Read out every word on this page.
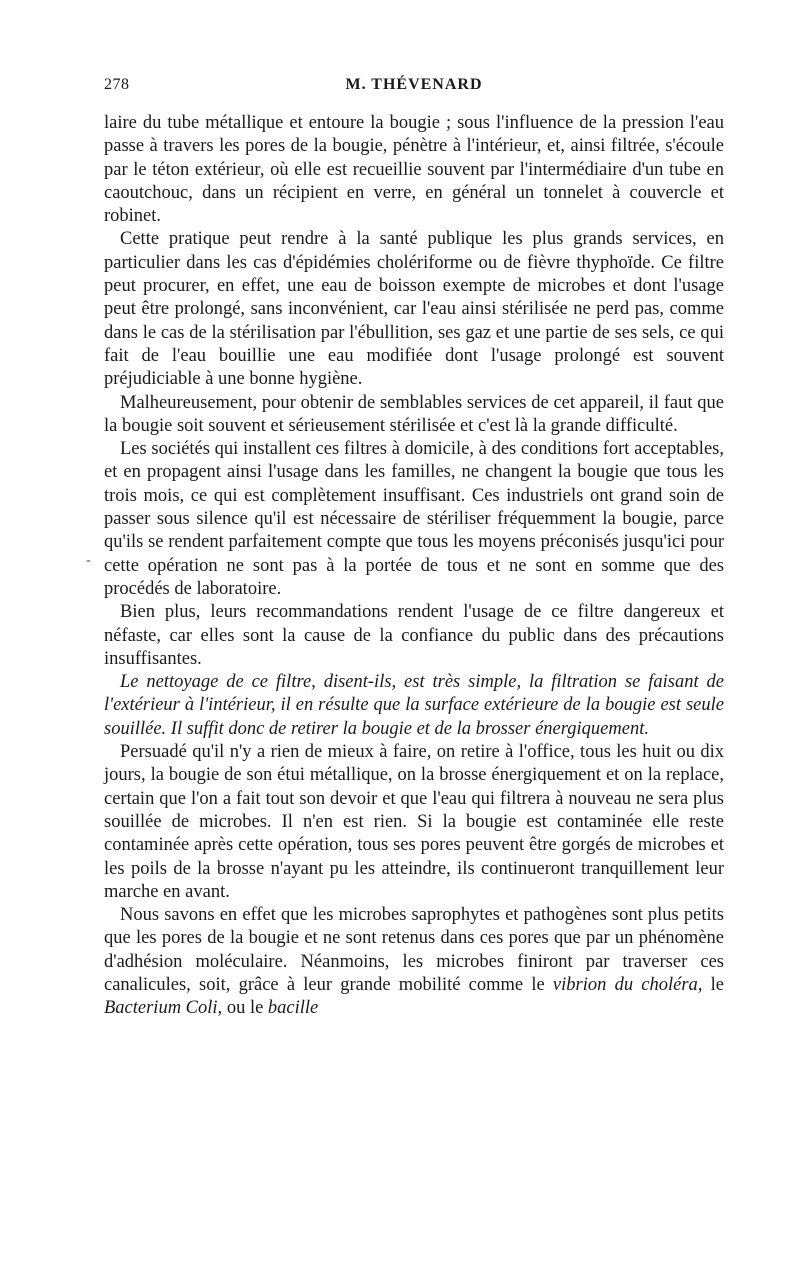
278	M. THÉVENARD

laire du tube métallique et entoure la bougie ; sous l'influence de la pression l'eau passe à travers les pores de la bougie, pénètre à l'intérieur, et, ainsi filtrée, s'écoule par le téton extérieur, où elle est recueillie souvent par l'intermédiaire d'un tube en caoutchouc, dans un récipient en verre, en général un tonnelet à couvercle et robinet.

Cette pratique peut rendre à la santé publique les plus grands services, en particulier dans les cas d'épidémies cholériforme ou de fièvre thyphoïde. Ce filtre peut procurer, en effet, une eau de boisson exempte de microbes et dont l'usage peut être prolongé, sans inconvénient, car l'eau ainsi stérilisée ne perd pas, comme dans le cas de la stérilisation par l'ébullition, ses gaz et une partie de ses sels, ce qui fait de l'eau bouillie une eau modifiée dont l'usage prolongé est souvent préjudiciable à une bonne hygiène.

Malheureusement, pour obtenir de semblables services de cet appareil, il faut que la bougie soit souvent et sérieusement stérilisée et c'est là la grande difficulté.

Les sociétés qui installent ces filtres à domicile, à des conditions fort acceptables, et en propagent ainsi l'usage dans les familles, ne changent la bougie que tous les trois mois, ce qui est complètement insuffisant. Ces industriels ont grand soin de passer sous silence qu'il est nécessaire de stériliser fréquemment la bougie, parce qu'ils se rendent parfaitement compte que tous les moyens préconisés jusqu'ici pour cette opération ne sont pas à la portée de tous et ne sont en somme que des procédés de laboratoire.

Bien plus, leurs recommandations rendent l'usage de ce filtre dangereux et néfaste, car elles sont la cause de la confiance du public dans des précautions insuffisantes.

Le nettoyage de ce filtre, disent-ils, est très simple, la filtration se faisant de l'extérieur à l'intérieur, il en résulte que la surface extérieure de la bougie est seule souillée. Il suffit donc de retirer la bougie et de la brosser énergiquement.

Persuadé qu'il n'y a rien de mieux à faire, on retire à l'office, tous les huit ou dix jours, la bougie de son étui métallique, on la brosse énergiquement et on la replace, certain que l'on a fait tout son devoir et que l'eau qui filtrera à nouveau ne sera plus souillée de microbes. Il n'en est rien. Si la bougie est contaminée elle reste contaminée après cette opération, tous ses pores peuvent être gorgés de microbes et les poils de la brosse n'ayant pu les atteindre, ils continueront tranquillement leur marche en avant.

Nous savons en effet que les microbes saprophytes et pathogènes sont plus petits que les pores de la bougie et ne sont retenus dans ces pores que par un phénomène d'adhésion moléculaire. Néanmoins, les microbes finiront par traverser ces canalicules, soit, grâce à leur grande mobilité comme le vibrion du choléra, le Bacterium Coli, ou le bacille

-
